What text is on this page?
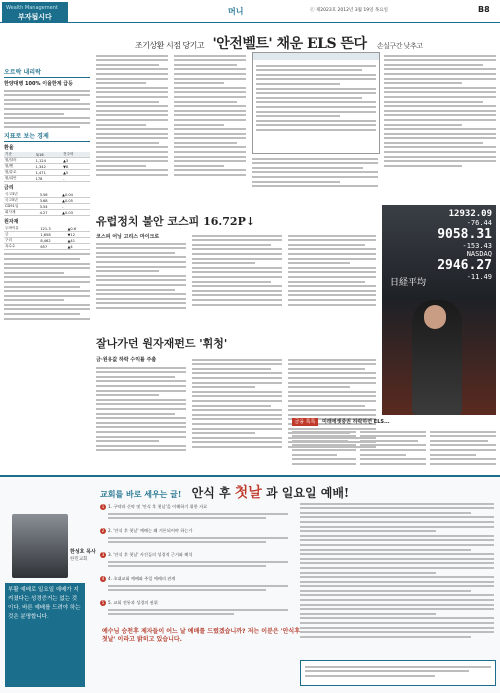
Wealth Management
부자됩시다
머니	ⓔ 제2023호 2012년 3월 19일 목요일	B8
조기상환 시점 당기고 '안전벨트' 채운 ELS 뜬다 손실구간 낮추고
오르락 내리락
한양대병 100% 이율한계 급등
지표로 보는 경제
환율
기준	3/16	전주비
원/달러	1,124	▲3
원/엔	1,342	▼8
원/유로	1,471	▲5
원/위안	178	-
금리
국고3년	3.56	▲0.04
국고5년	3.68	▲0.05
CD91일	3.54	-
회사채	4.27	▲0.03
원자재
두바이유	121.3	▲0.6
금	1,658	▼12
구리	8,462	▲41
옥수수	657	▲4
유럽정치 불안 코스피 16.72P↓
코스피 어닝 고리스 마이크로
잘나가던 원자재펀드 '휘청'
금·원유값 하락 수익률 주춤
12932.09
-76.44
9058.31
-153.43
NASDAQ
2946.27
-11.49
日経平均
금융 톡톡	미래에셋증권 하락하면 ELS...
교회를 바로 세우는 글! 안식 후 첫날 과 일요일 예배!
한성호 목사
한민교회
부활 예배로 일요일 예배가 지켜졌다는 성경증거는 없는 것이다. 바른 예배를 드려야 하는 것은 분명합니다.
1 1. 구약과 신약 및 '안식 후 첫날'을 이해하기 위한 자료
2 2. '안식 후 첫날' 예배는 왜 거론되어야 하는가
3 3. '안식 후 첫날' 사건들의 성경적 근거와 해석
4 4. 초대교회 예배와 주일 예배의 관계
5 5. 교회 전통과 성경의 권위
예수님 승천후 제자들이 어느 날 예배를 드렸겠습니까? 저는 이분은 '안식후 첫날' 이라고 밝히고 있습니다.
